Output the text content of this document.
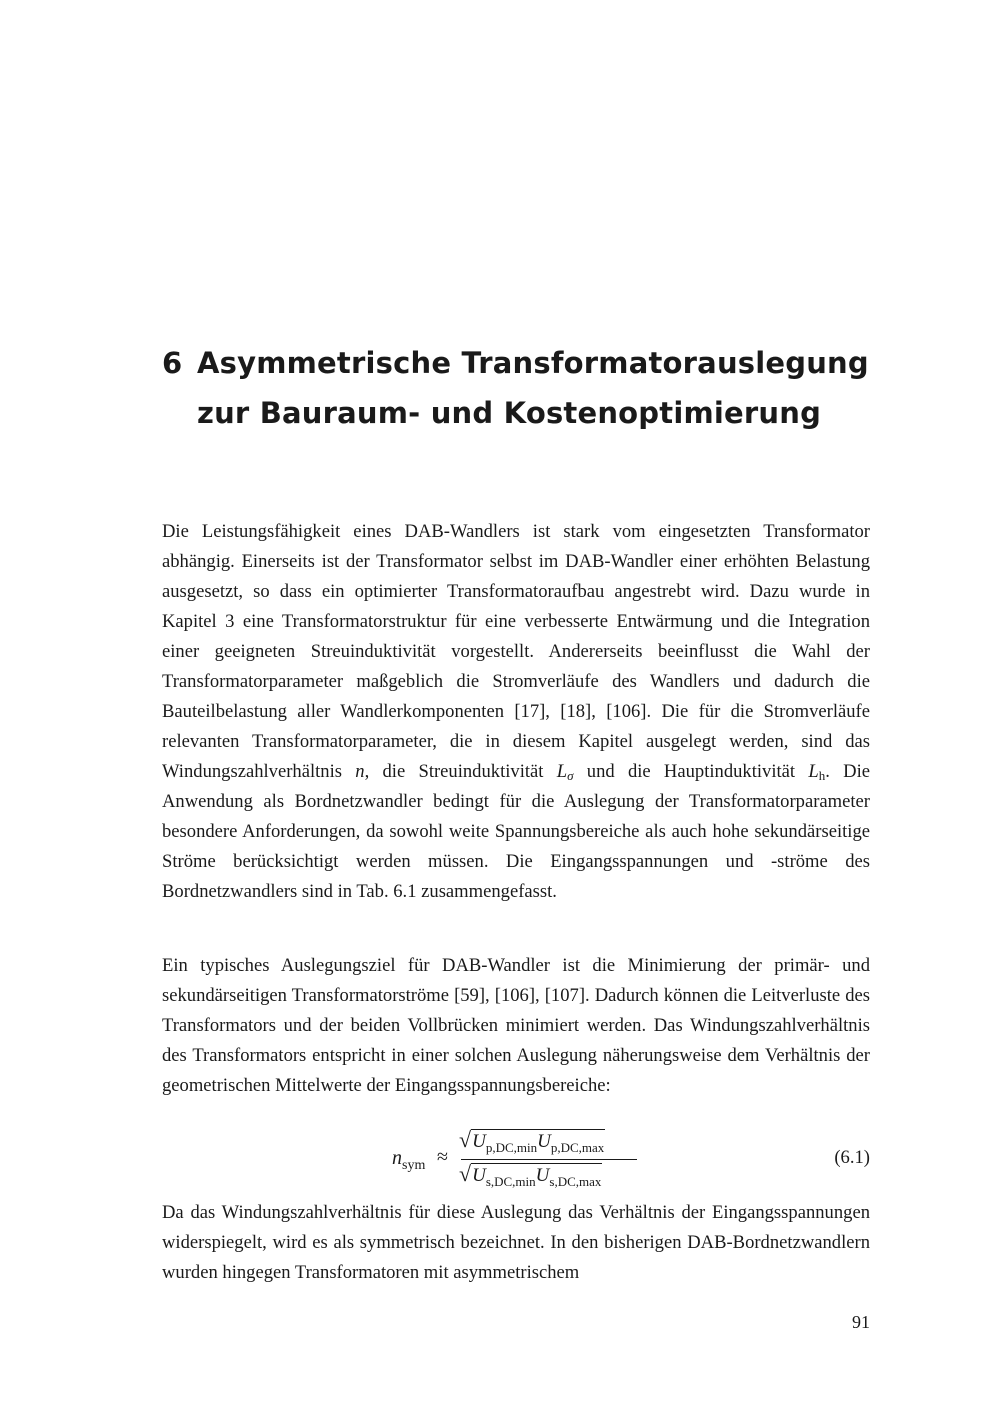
6 Asymmetrische Transformatorauslegung zur Bauraum- und Kostenoptimierung

Die Leistungsfähigkeit eines DAB-Wandlers ist stark vom eingesetzten Transformator abhängig. Einerseits ist der Transformator selbst im DAB-Wandler einer erhöhten Belastung ausgesetzt, so dass ein optimierter Transformatoraufbau angestrebt wird. Dazu wurde in Kapitel 3 eine Transformatorstruktur für eine verbesserte Entwärmung und die Integration einer geeigneten Streuinduktivität vorgestellt. Andererseits beeinflusst die Wahl der Transformatorparameter maßgeblich die Stromverläufe des Wandlers und dadurch die Bauteilbelastung aller Wandlerkomponenten [17], [18], [106]. Die für die Stromverläufe relevanten Transformatorparameter, die in diesem Kapitel ausgelegt werden, sind das Windungszahlverhältnis n, die Streuinduktivität $L_\sigma$ und die Hauptinduktivität $L_h$. Die Anwendung als Bordnetzwandler bedingt für die Auslegung der Transformatorparameter besondere Anforderungen, da sowohl weite Spannungsbereiche als auch hohe sekundärseitige Ströme berücksichtigt werden müssen. Die Eingangsspannungen und -ströme des Bordnetzwandlers sind in Tab. 6.1 zusammengefasst.

Ein typisches Auslegungsziel für DAB-Wandler ist die Minimierung der primär- und sekundärseitigen Transformatorströme [59], [106], [107]. Dadurch können die Leitverluste des Transformators und der beiden Vollbrücken minimiert werden. Das Windungszahlverhältnis des Transformators entspricht in einer solchen Auslegung näherungsweise dem Verhältnis der geometrischen Mittelwerte der Eingangsspannungsbereiche:

$n_{sym}$ ≈
$√U_{p,DC,min}U_{p,DC,max}$
$√U_{s,DC,min}U_{s,DC,max}$
(6.1)

Da das Windungszahlverhältnis für diese Auslegung das Verhältnis der Eingangsspannungen widerspiegelt, wird es als symmetrisch bezeichnet. In den bisherigen DAB-Bordnetzwandlern wurden hingegen Transformatoren mit asymmetrischem

91
